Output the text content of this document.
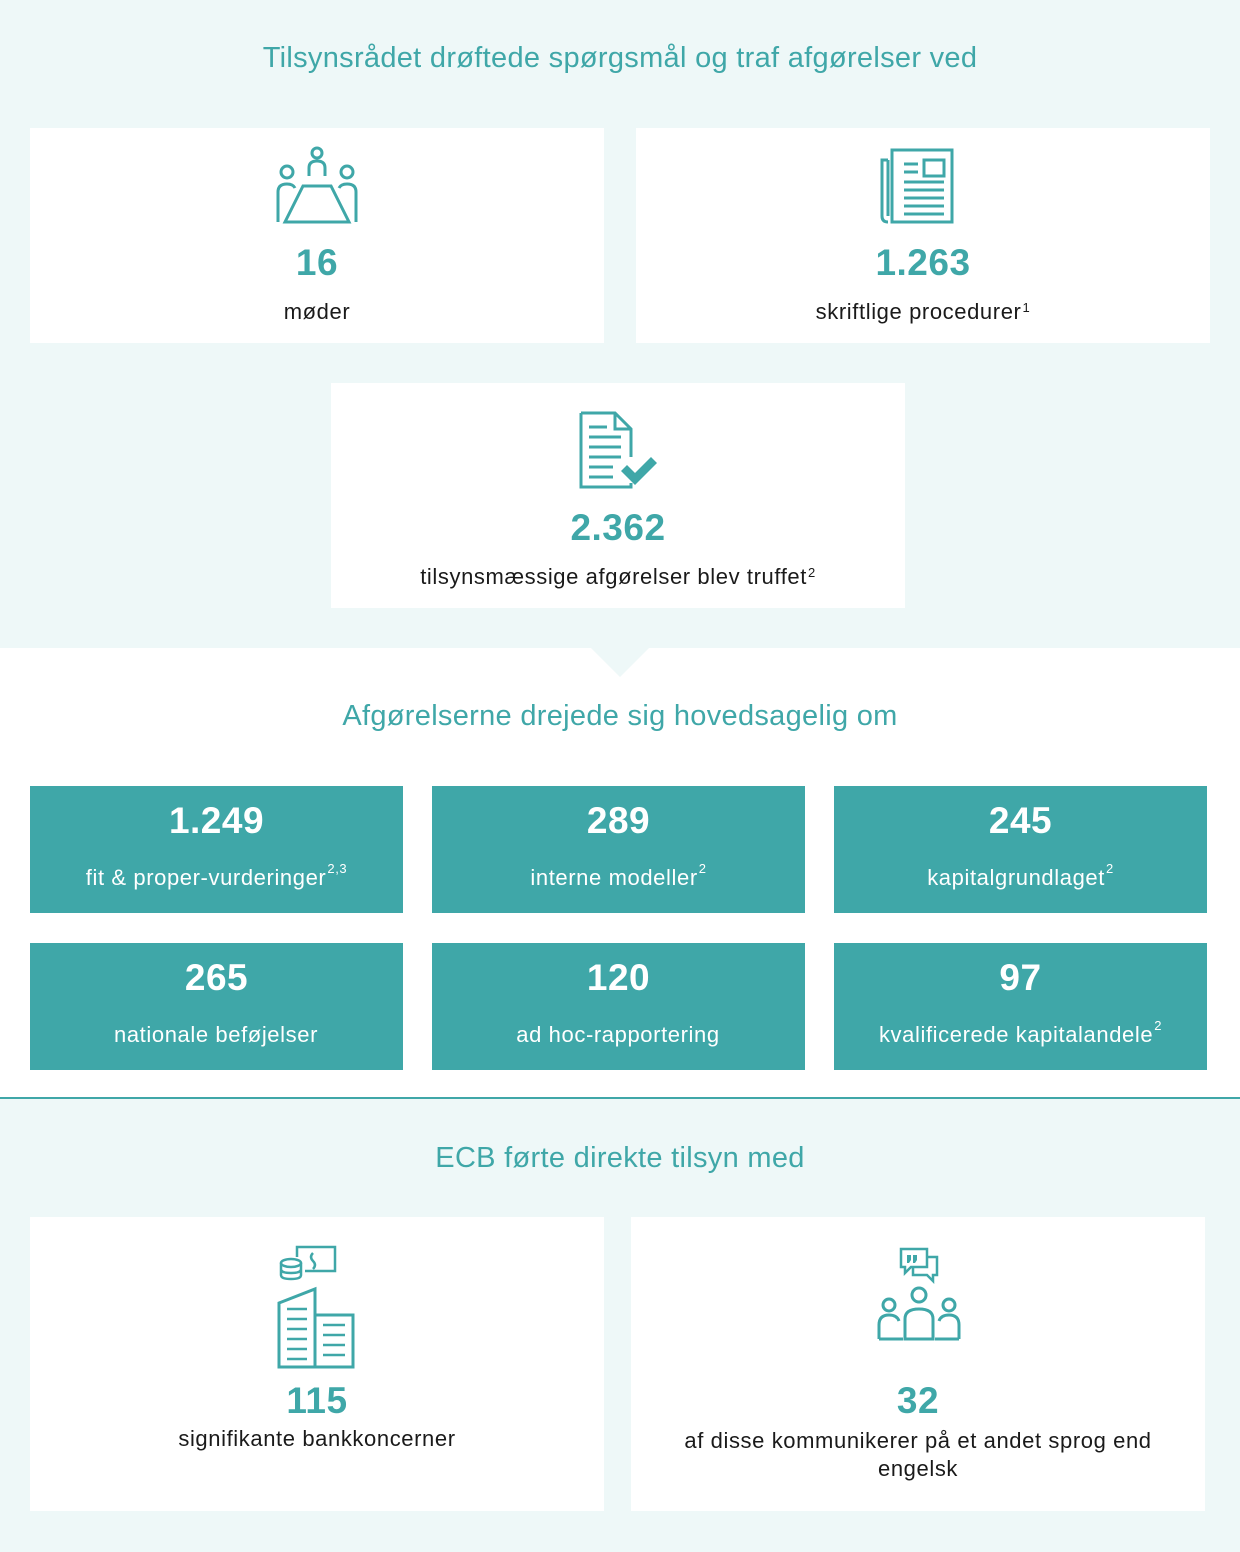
Tilsynsrådet drøftede spørgsmål og traf afgørelser ved
16
møder
1.263
skriftlige procedurer$^1$
2.362
tilsynsmæssige afgørelser blev truffet$^2$
Afgørelserne drejede sig hovedsagelig om
1.249
fit & proper-vurderinger$^{2,3}$
289
interne modeller$^2$
245
kapitalgrundlaget$^2$
265
nationale beføjelser
120
ad hoc-rapportering
97
kvalificerede kapitalandele$^2$
ECB førte direkte tilsyn med
115
signifikante bankkoncerner
32
af disse kommunikerer på et andet sprog end engelsk
